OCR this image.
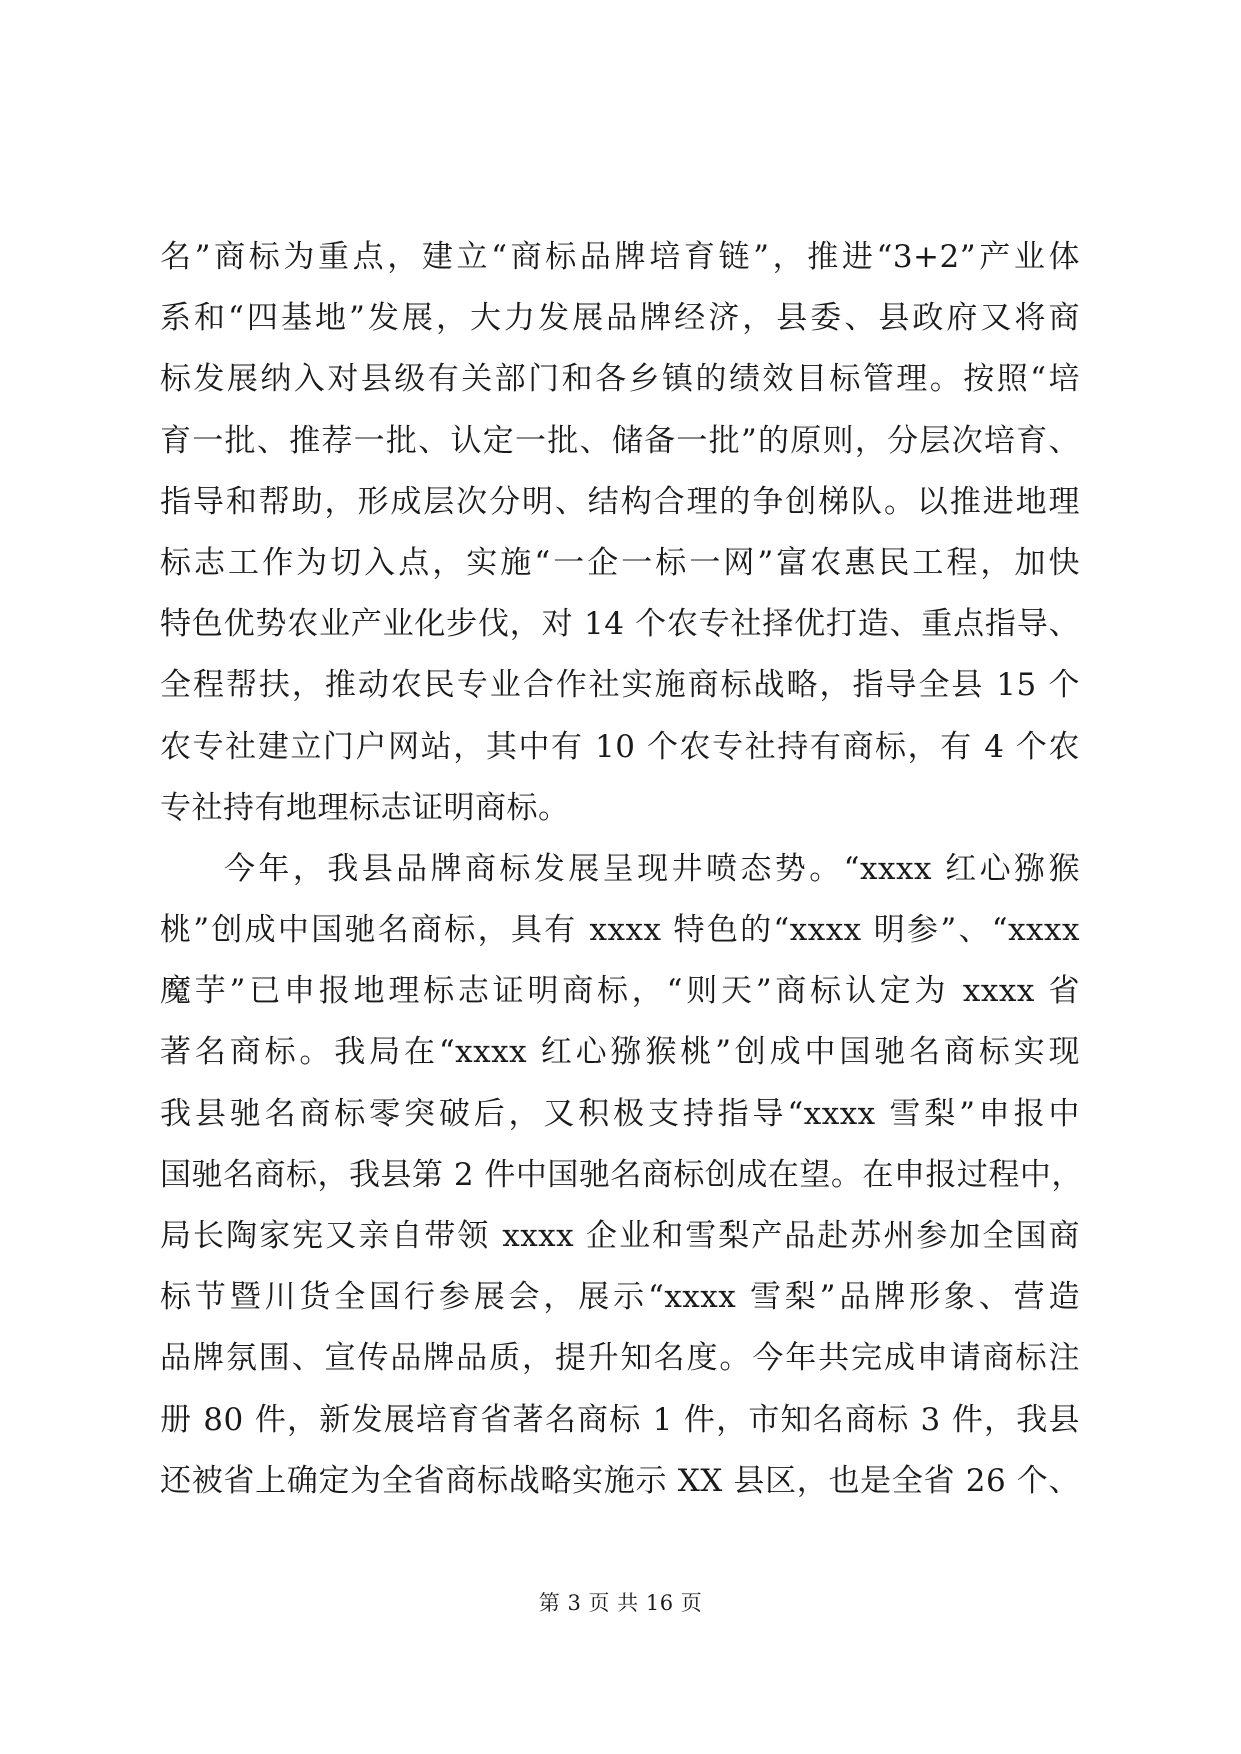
名”商标为重点，建立“商标品牌培育链”，推进“3+2”产业体
系和“四基地”发展，大力发展品牌经济，县委、县政府又将商
标发展纳入对县级有关部门和各乡镇的绩效目标管理。按照“培
育一批、推荐一批、认定一批、储备一批”的原则，分层次培育、
指导和帮助，形成层次分明、结构合理的争创梯队。以推进地理
标志工作为切入点，实施“一企一标一网”富农惠民工程，加快
特色优势农业产业化步伐，对 14 个农专社择优打造、重点指导、
全程帮扶，推动农民专业合作社实施商标战略，指导全县 15 个
农专社建立门户网站，其中有 10 个农专社持有商标，有 4 个农
专社持有地理标志证明商标。
今年，我县品牌商标发展呈现井喷态势。“xxxx 红心猕猴
桃”创成中国驰名商标，具有 xxxx 特色的“xxxx 明参”、“xxxx
魔芋”已申报地理标志证明商标，“则天”商标认定为 xxxx 省
著名商标。我局在“xxxx 红心猕猴桃”创成中国驰名商标实现
我县驰名商标零突破后，又积极支持指导“xxxx 雪梨”申报中
国驰名商标，我县第 2 件中国驰名商标创成在望。在申报过程中，
局长陶家宪又亲自带领 xxxx 企业和雪梨产品赴苏州参加全国商
标节暨川货全国行参展会，展示“xxxx 雪梨”品牌形象、营造
品牌氛围、宣传品牌品质，提升知名度。今年共完成申请商标注
册 80 件，新发展培育省著名商标 1 件，市知名商标 3 件，我县
还被省上确定为全省商标战略实施示 XX 县区，也是全省 26 个、
第 3 页 共 16 页
